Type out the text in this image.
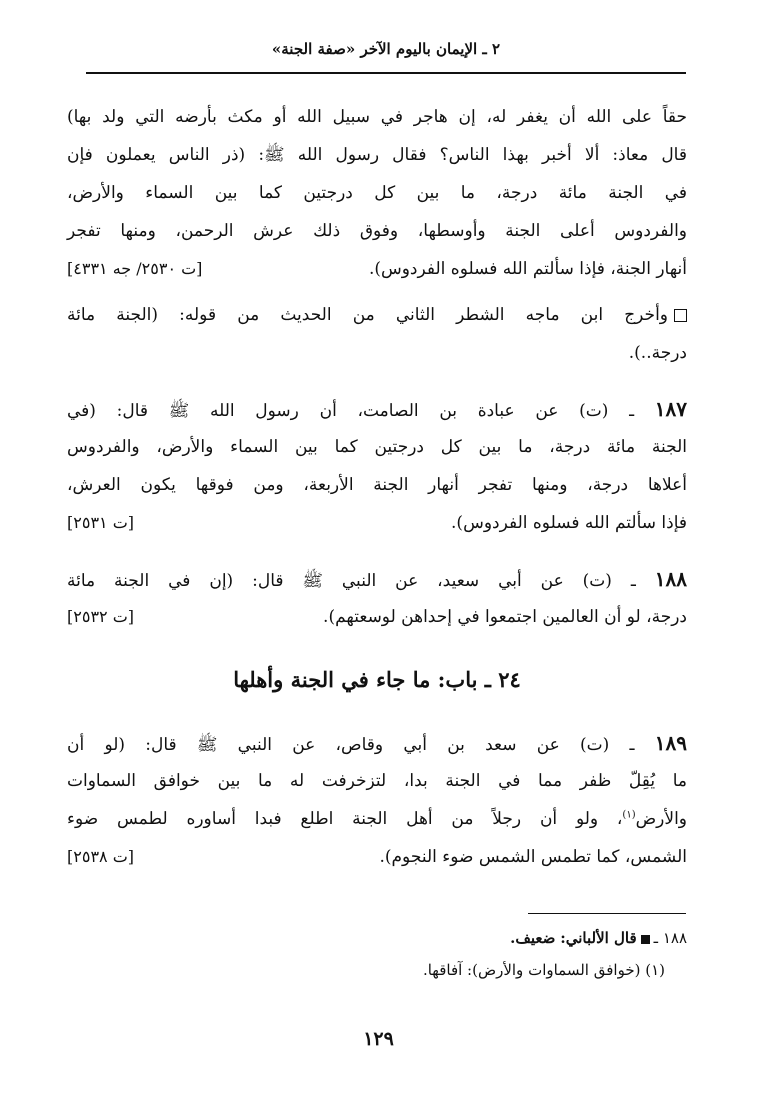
٢ ـ الإيمان باليوم الآخر «صفة الجنة»
حقاً على الله أن يغفر له، إن هاجر في سبيل الله أو مكث بأرضه التي ولد بها)
قال معاذ: ألا أخبر بهذا الناس؟ فقال رسول الله ﷺ: (ذر الناس يعملون فإن
في الجنة مائة درجة، ما بين كل درجتين كما بين السماء والأرض،
والفردوس أعلى الجنة وأوسطها، وفوق ذلك عرش الرحمن، ومنها تفجر
أنهار الجنة، فإذا سألتم الله فسلوه الفردوس).
[ت ٢٥٣٠/ جه ٤٣٣١]
وأخرج ابن ماجه الشطر الثاني من الحديث من قوله: (الجنة مائة
درجة..).
١٨٧ ـ (ت) عن عبادة بن الصامت، أن رسول الله ﷺ قال: (في
الجنة مائة درجة، ما بين كل درجتين كما بين السماء والأرض، والفردوس
أعلاها درجة، ومنها تفجر أنهار الجنة الأربعة، ومن فوقها يكون العرش،
فإذا سألتم الله فسلوه الفردوس).
[ت ٢٥٣١]
١٨٨ ـ (ت) عن أبي سعيد، عن النبي ﷺ قال: (إن في الجنة مائة
درجة، لو أن العالمين اجتمعوا في إحداهن لوسعتهم).
[ت ٢٥٣٢]
٢٤ ـ باب: ما جاء في الجنة وأهلها
١٨٩ ـ (ت) عن سعد بن أبي وقاص، عن النبي ﷺ قال: (لو أن
ما يُقِلّ ظفر مما في الجنة بدا، لتزخرفت له ما بين خوافق السماوات
والأرض$^{(١)}$، ولو أن رجلاً من أهل الجنة اطلع فبدا أساوره لطمس ضوء
الشمس، كما تطمس الشمس ضوء النجوم).
[ت ٢٥٣٨]
١٨٨ ـقال الألباني: ضعيف.
(١) (خوافق السماوات والأرض): آفاقها.
١٢٩
